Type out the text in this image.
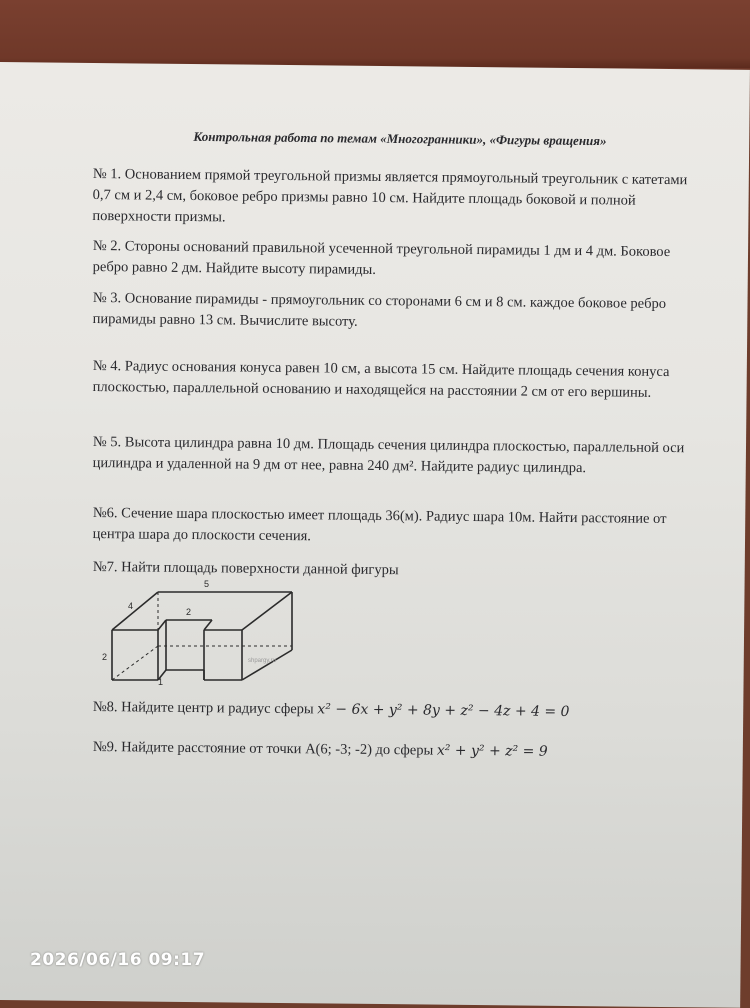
Контрольная работа по темам «Многогранники», «Фигуры вращения»

№ 1. Основанием прямой треугольной призмы является прямоугольный треугольник с катетами 0,7 см и 2,4 см, боковое ребро призмы равно 10 см. Найдите площадь боковой и полной поверхности призмы.

№ 2. Стороны оснований правильной усеченной треугольной пирамиды 1 дм и 4 дм. Боковое ребро равно 2 дм. Найдите высоту пирамиды.

№ 3. Основание пирамиды - прямоугольник со сторонами 6 см и 8 см. каждое боковое ребро пирамиды равно 13 см. Вычислите высоту.

№ 4. Радиус основания конуса равен 10 см, а высота 15 см. Найдите площадь сечения конуса плоскостью, параллельной основанию и находящейся на расстоянии 2 см от его вершины.

№ 5. Высота цилиндра равна 10 дм. Площадь сечения цилиндра плоскостью, параллельной оси цилиндра и удаленной на 9 дм от нее, равна 240 дм². Найдите радиус цилиндра.

№6. Сечение шара плоскостью имеет площадь 36(м). Радиус шара 10м. Найти расстояние от центра шара до плоскости сечения.

№7. Найти площадь поверхности данной фигуры

5
4
2
2
1
shpargy.ru

№8. Найдите центр и радиус сферы x² − 6x + y² + 8y + z² − 4z + 4 = 0

№9. Найдите расстояние от точки А(6; -3; -2) до сферы x² + y² + z² = 9

2026/06/16 09:17
